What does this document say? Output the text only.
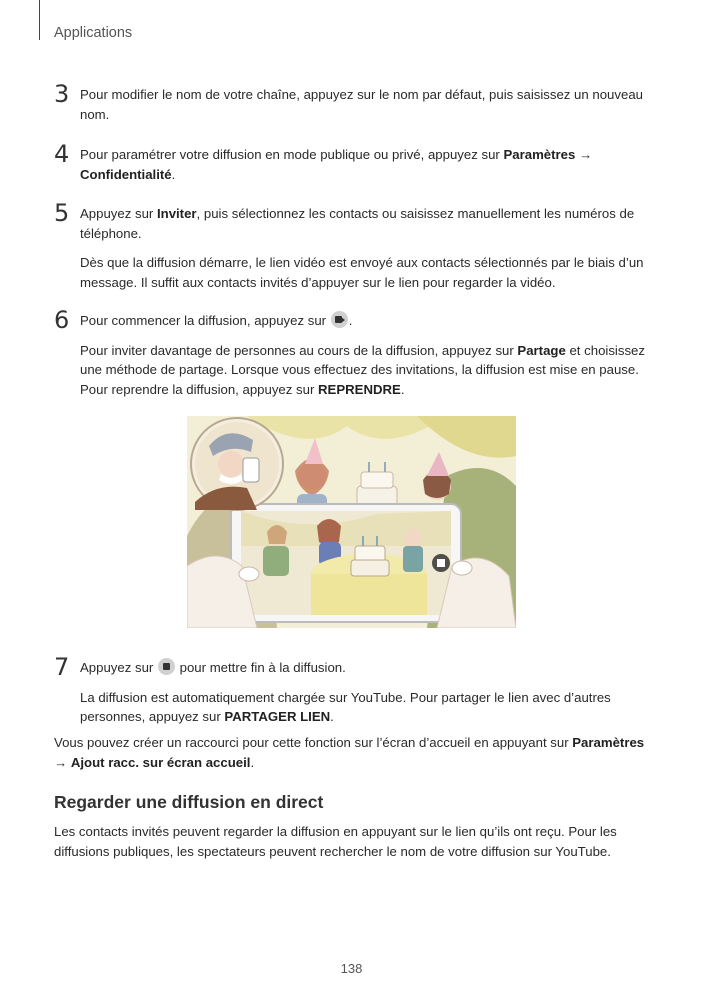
Applications
3 Pour modifier le nom de votre chaîne, appuyez sur le nom par défaut, puis saisissez un nouveau nom.

4 Pour paramétrer votre diffusion en mode publique ou privé, appuyez sur Paramètres → Confidentialité.

5 Appuyez sur Inviter, puis sélectionnez les contacts ou saisissez manuellement les numéros de téléphone.

Dès que la diffusion démarre, le lien vidéo est envoyé aux contacts sélectionnés par le biais d’un message. Il suffit aux contacts invités d’appuyer sur le lien pour regarder la vidéo.

6 Pour commencer la diffusion, appuyez sur .

Pour inviter davantage de personnes au cours de la diffusion, appuyez sur Partage et choisissez une méthode de partage. Lorsque vous effectuez des invitations, la diffusion est mise en pause. Pour reprendre la diffusion, appuyez sur REPRENDRE.

7 Appuyez sur  pour mettre fin à la diffusion.

La diffusion est automatiquement chargée sur YouTube. Pour partager le lien avec d’autres personnes, appuyez sur PARTAGER LIEN.

Vous pouvez créer un raccourci pour cette fonction sur l’écran d’accueil en appuyant sur Paramètres → Ajout racc. sur écran accueil.
Regarder une diffusion en direct
Les contacts invités peuvent regarder la diffusion en appuyant sur le lien qu’ils ont reçu. Pour les diffusions publiques, les spectateurs peuvent rechercher le nom de votre diffusion sur YouTube.
138
